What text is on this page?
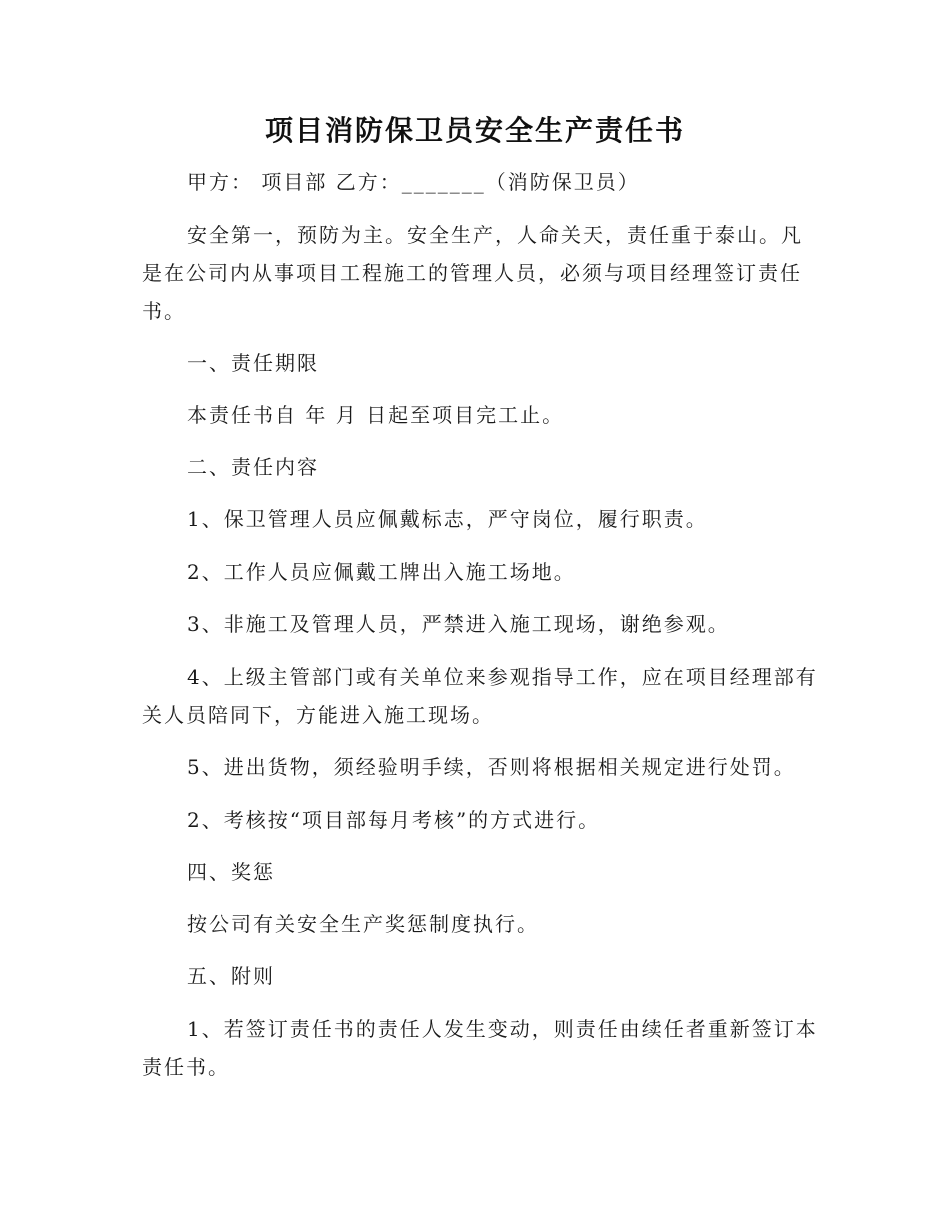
项目消防保卫员安全生产责任书
甲方： 项目部 乙方：_______（消防保卫员）
安全第一，预防为主。安全生产，人命关天，责任重于泰山。凡
是在公司内从事项目工程施工的管理人员，必须与项目经理签订责任
书。
一、责任期限
本责任书自 年 月 日起至项目完工止。
二、责任内容
1、保卫管理人员应佩戴标志，严守岗位，履行职责。
2、工作人员应佩戴工牌出入施工场地。
3、非施工及管理人员，严禁进入施工现场，谢绝参观。
4、上级主管部门或有关单位来参观指导工作，应在项目经理部有
关人员陪同下，方能进入施工现场。
5、进出货物，须经验明手续，否则将根据相关规定进行处罚。
2、考核按“项目部每月考核”的方式进行。
四、奖惩
按公司有关安全生产奖惩制度执行。
五、附则
1、若签订责任书的责任人发生变动，则责任由续任者重新签订本
责任书。
